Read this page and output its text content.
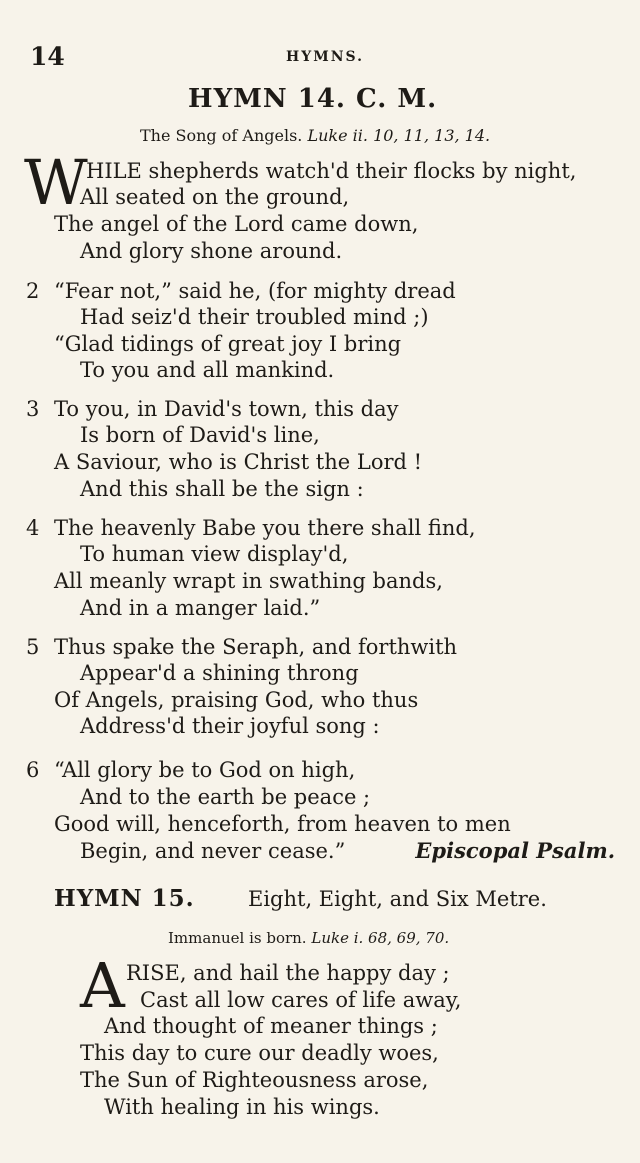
14	HYMNS.
HYMN 14. C. M.
The Song of Angels. Luke ii. 10, 11, 13, 14.
W
HILE shepherds watch'd their flocks by night,
All seated on the ground,
The angel of the Lord came down,
And glory shone around.
2 “Fear not,” said he, (for mighty dread
Had seiz'd their troubled mind ;)
“Glad tidings of great joy I bring
To you and all mankind.
3 To you, in David's town, this day
Is born of David's line,
A Saviour, who is Christ the Lord !
And this shall be the sign :
4 The heavenly Babe you there shall find,
To human view display'd,
All meanly wrapt in swathing bands,
And in a manger laid.”
5 Thus spake the Seraph, and forthwith
Appear'd a shining throng
Of Angels, praising God, who thus
Address'd their joyful song :
6 “All glory be to God on high,
And to the earth be peace ;
Good will, henceforth, from heaven to men
Begin, and never cease.”	Episcopal Psalm.
HYMN 15.	Eight, Eight, and Six Metre.
Immanuel is born. Luke i. 68, 69, 70.
A RISE, and hail the happy day ;
Cast all low cares of life away,
And thought of meaner things ;
This day to cure our deadly woes,
The Sun of Righteousness arose,
With healing in his wings.
